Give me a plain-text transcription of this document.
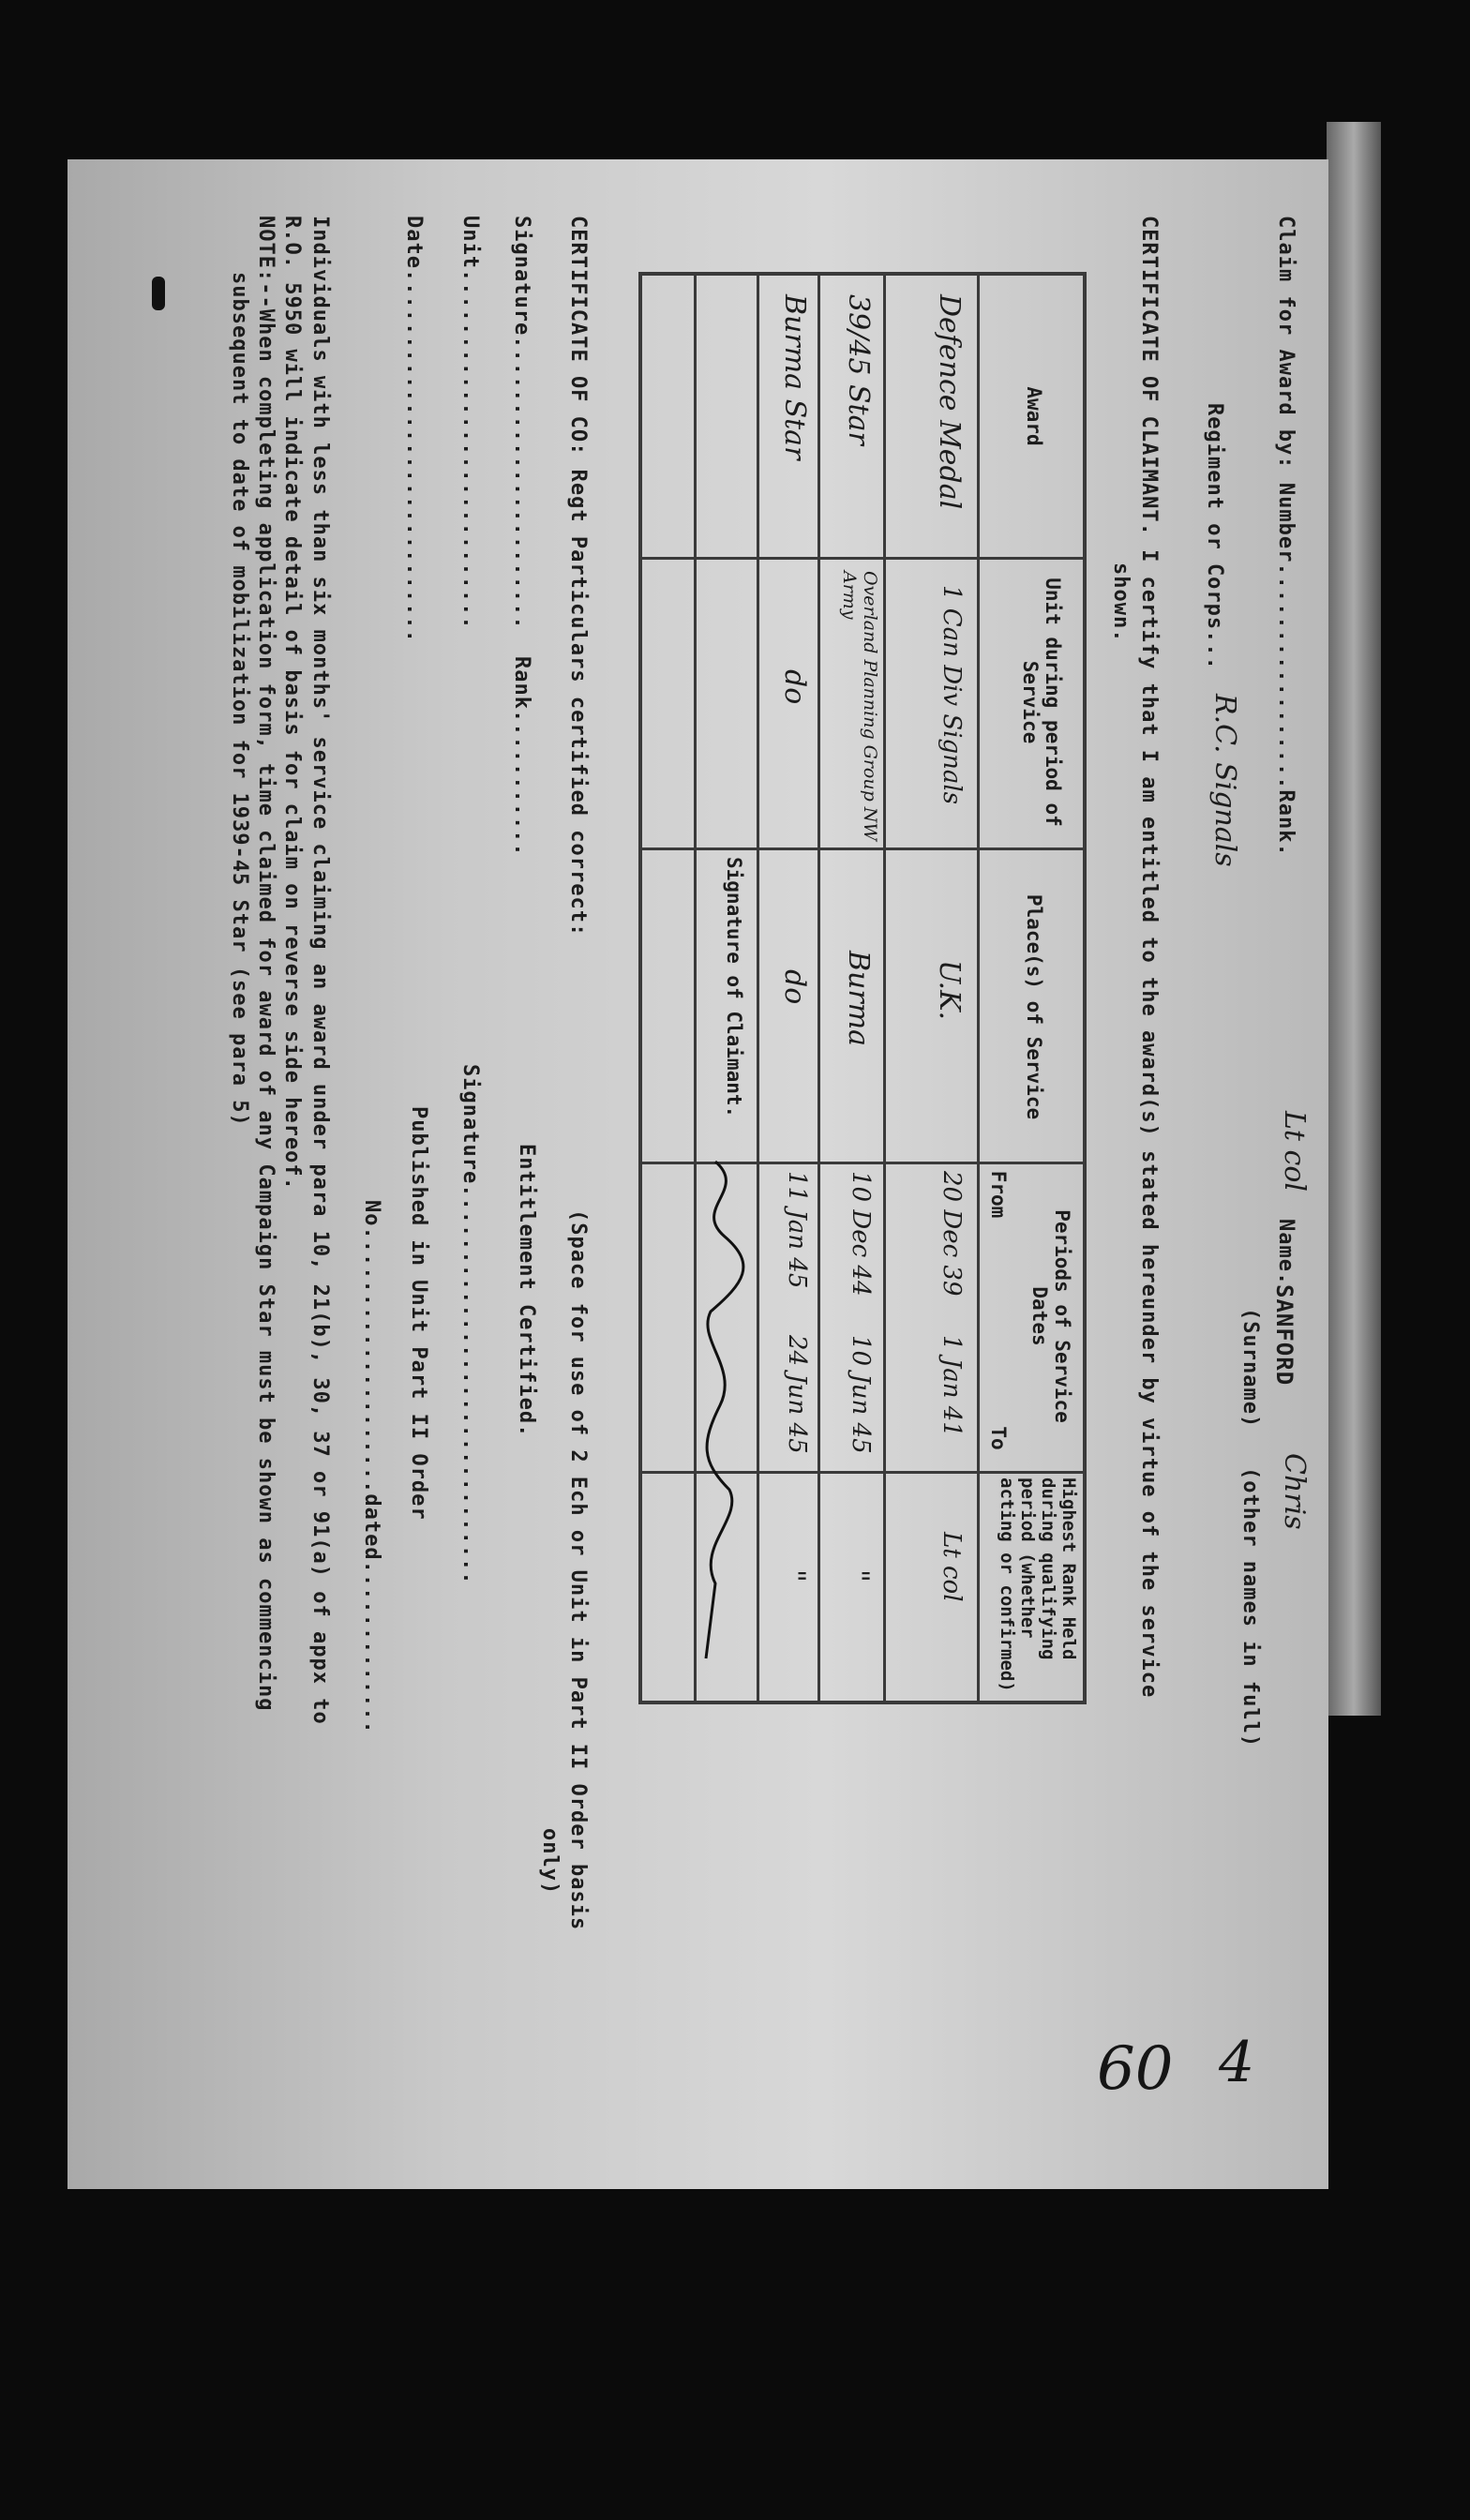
Claim for Award by: Number.................Rank.
Lt col
Name.
SANFORD
Chris
(Surname)
(other names in full)
Regiment or Corps...
R.C. Signals
CERTIFICATE OF CLAIMANT. I certify that I am entitled to the award(s) stated hereunder by virtue of the service
shown.
Award
Unit during period of Service
Place(s) of Service
Periods of Service Dates
From
To
Highest Rank Held during qualifying period (whether acting or confirmed)
Defence Medal
1 Can Div Signals
U.K.
20 Dec 39
1 Jan 41
Lt col
39/45 Star
Overland Planning Group NW Army
Burma
10 Dec 44
10 Jun 45
"
Burma Star
do
do
11 Jan 45
24 Jun 45
"
Signature of Claimant.
CERTIFICATE OF CO: Regt Particulars certified correct:
Signature......................
Rank...........
Unit...........................
Date............................
(Space for use of 2 Ech or Unit in Part II Order basis
only)
Entitlement Certified.
Signature..............................
Published in Unit Part II Order
No....................dated.............
Individuals with less than six months' service claiming an award under para 10, 21(b), 30, 37 or 91(a) of appx to
R.O. 5950 will indicate detail of basis for claim on reverse side hereof.
NOTE:--When completing application form, time claimed for award of any Campaign Star must be shown as commencing
subsequent to date of mobilization for 1939-45 Star (see para 5)
60 4
